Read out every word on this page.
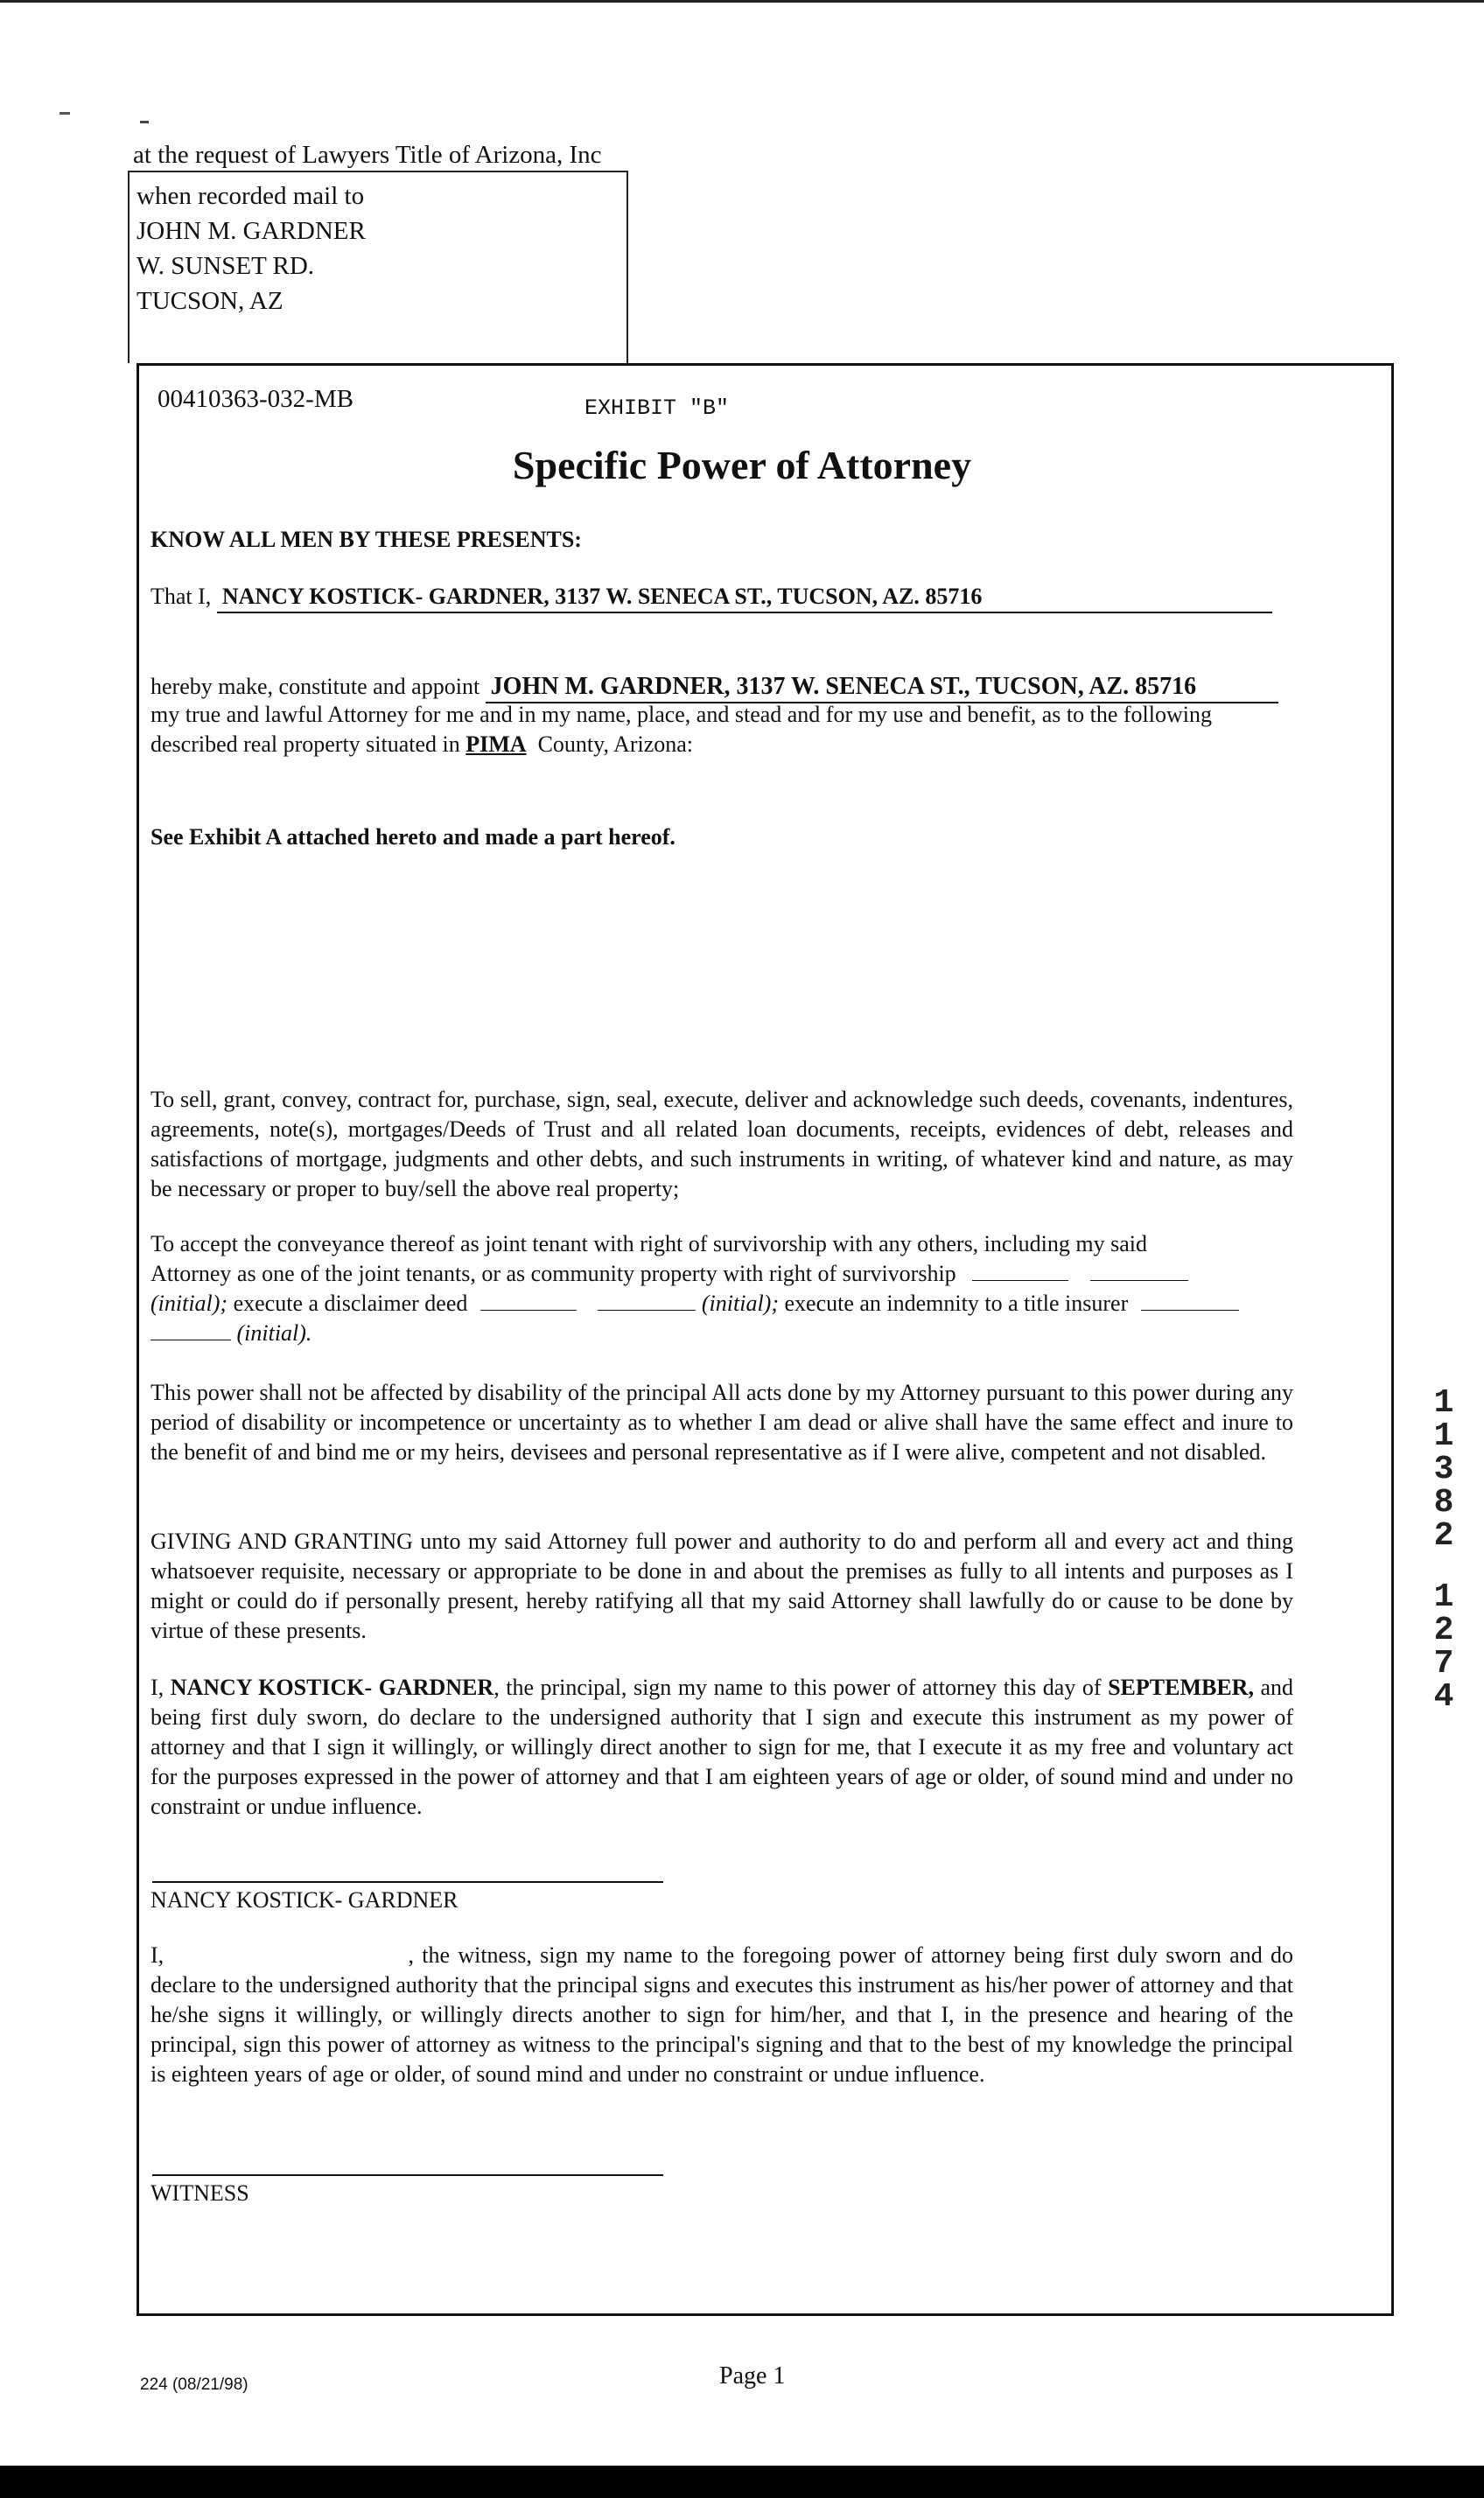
at the request of Lawyers Title of Arizona, Inc
when recorded mail to
JOHN M. GARDNER
W. SUNSET RD.
TUCSON, AZ
00410363-032-MB	EXHIBIT "B"
Specific Power of Attorney
KNOW ALL MEN BY THESE PRESENTS:
That I, NANCY KOSTICK- GARDNER, 3137 W. SENECA ST., TUCSON, AZ. 85716
hereby make, constitute and appoint JOHN M. GARDNER, 3137 W. SENECA ST., TUCSON, AZ. 85716
my true and lawful Attorney for me and in my name, place, and stead and for my use and benefit, as to the following
described real property situated in PIMA County, Arizona:
See Exhibit A attached hereto and made a part hereof.
To sell, grant, convey, contract for, purchase, sign, seal, execute, deliver and acknowledge such deeds, covenants, indentures, agreements, note(s), mortgages/Deeds of Trust and all related loan documents, receipts, evidences of debt, releases and satisfactions of mortgage, judgments and other debts, and such instruments in writing, of whatever kind and nature, as may be necessary or proper to buy/sell the above real property;
To accept the conveyance thereof as joint tenant with right of survivorship with any others, including my said
Attorney as one of the joint tenants, or as community property with right of survivorship
(initial); execute a disclaimer deed	(initial); execute an indemnity to a title insurer
(initial).
This power shall not be affected by disability of the principal All acts done by my Attorney pursuant to this power during any period of disability or incompetence or uncertainty as to whether I am dead or alive shall have the same effect and inure to the benefit of and bind me or my heirs, devisees and personal representative as if I were alive, competent and not disabled.
GIVING AND GRANTING unto my said Attorney full power and authority to do and perform all and every act and thing whatsoever requisite, necessary or appropriate to be done in and about the premises as fully to all intents and purposes as I might or could do if personally present, hereby ratifying all that my said Attorney shall lawfully do or cause to be done by virtue of these presents.
I, NANCY KOSTICK- GARDNER, the principal, sign my name to this power of attorney this day of SEPTEMBER, and being first duly sworn, do declare to the undersigned authority that I sign and execute this instrument as my power of attorney and that I sign it willingly, or willingly direct another to sign for me, that I execute it as my free and voluntary act for the purposes expressed in the power of attorney and that I am eighteen years of age or older, of sound mind and under no constraint or undue influence.
NANCY KOSTICK- GARDNER
I,	, the witness, sign my name to the foregoing power of attorney being first duly sworn and do declare to the undersigned authority that the principal signs and executes this instrument as his/her power of attorney and that he/she signs it willingly, or willingly directs another to sign for him/her, and that I, in the presence and hearing of the principal, sign this power of attorney as witness to the principal's signing and that to the best of my knowledge the principal is eighteen years of age or older, of sound mind and under no constraint or undue influence.
WITNESS
1
1
3
8
2
1
2
7
4
224 (08/21/98)	Page 1
